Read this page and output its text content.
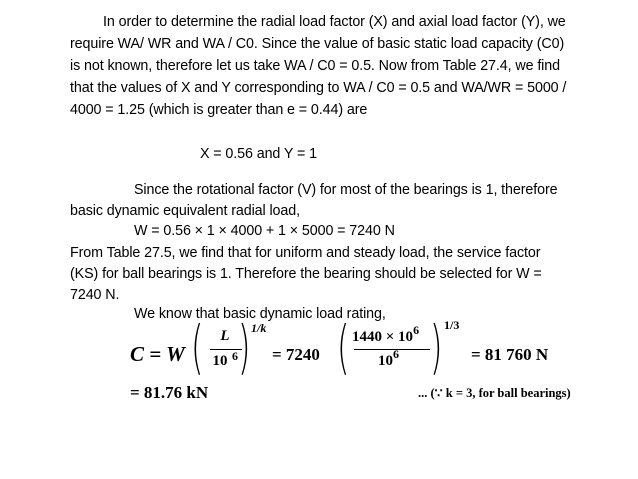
In order to determine the radial load factor (X) and axial load factor (Y), we
require WA/ WR and WA / C0. Since the value of basic static load capacity (C0)
is not known, therefore let us take WA / C0 = 0.5. Now from Table 27.4, we find
that the values of X and Y corresponding to WA / C0 = 0.5 and WA/WR = 5000 /
4000 = 1.25 (which is greater than e = 0.44) are
X = 0.56 and Y = 1
Since the rotational factor (V) for most of the bearings is 1, therefore
basic dynamic equivalent radial load,
W = 0.56 × 1 × 4000 + 1 × 5000 = 7240 N
From Table 27.5, we find that for uniform and steady load, the service factor
(KS) for ball bearings is 1. Therefore the bearing should be selected for W =
7240 N.
We know that basic dynamic load rating,
C = W (	L
10 6 ) 1/k
= 7240 ( $1440 \times 10^6$
$10^6$ ) 1/3
= 81 760 N
= 81.76 kN	... (∵ k = 3, for ball bearings)
